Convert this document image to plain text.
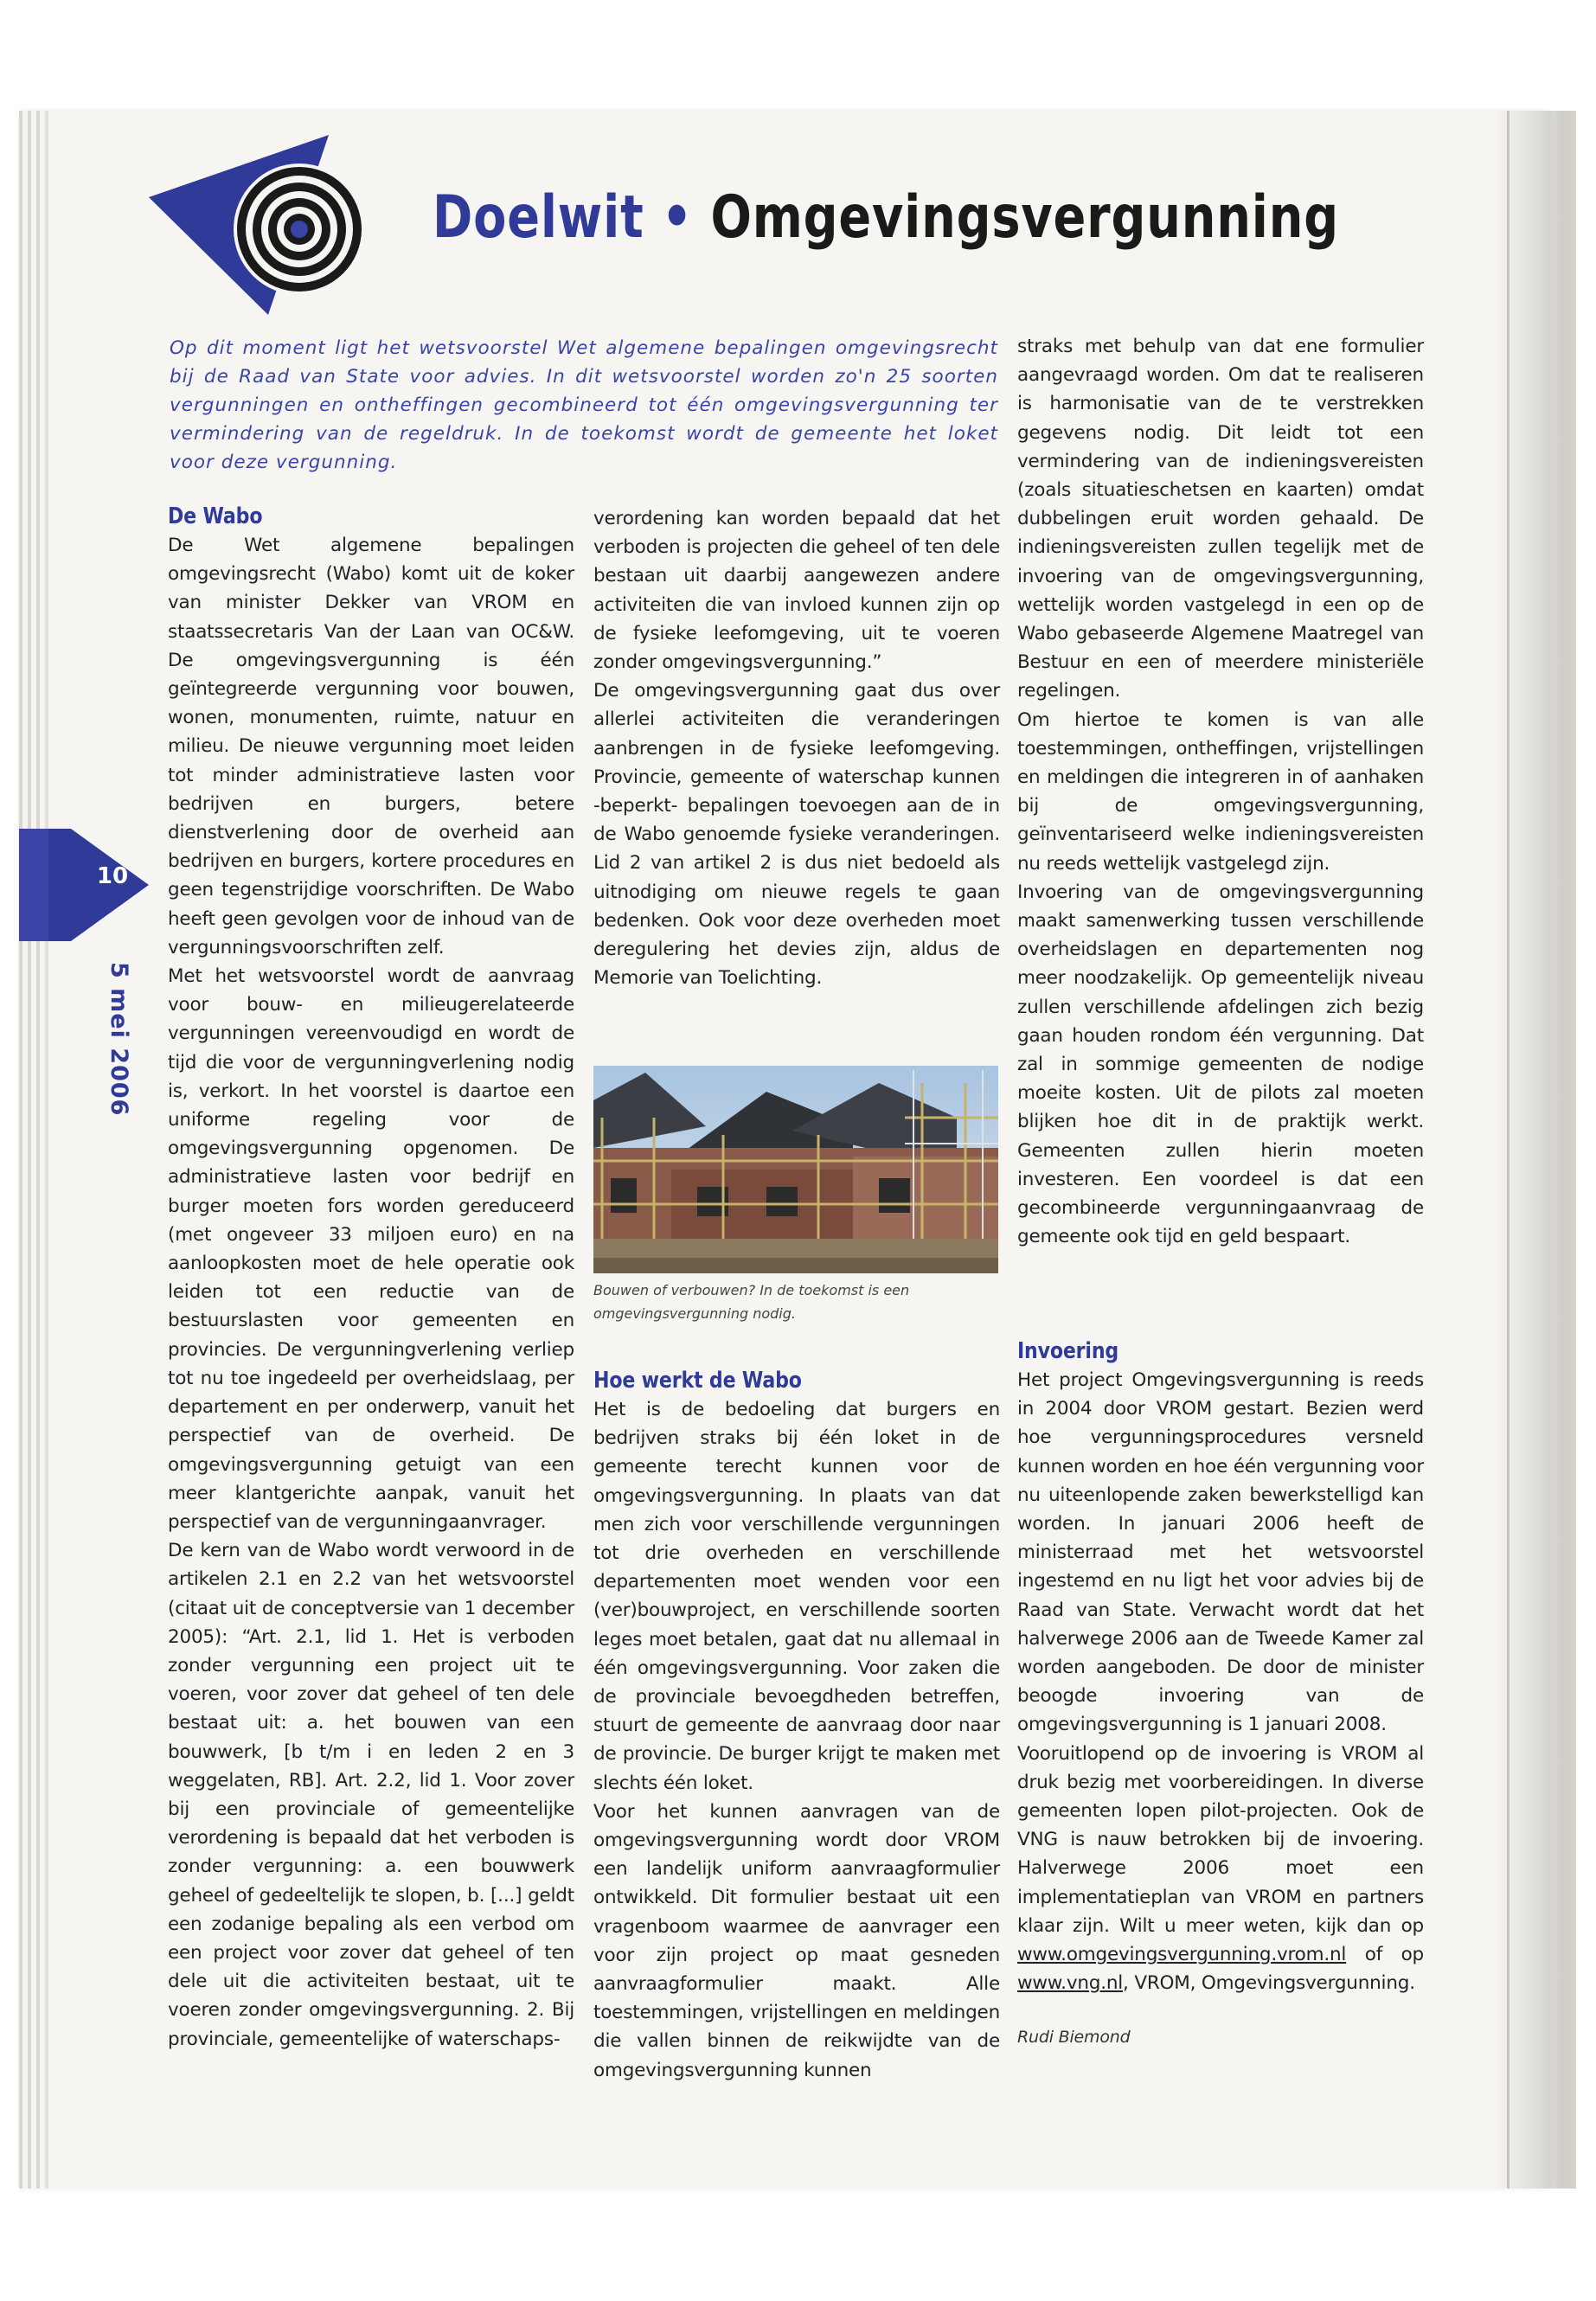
Doelwit • Omgevingsvergunning
Op dit moment ligt het wetsvoorstel Wet algemene bepalingen omgevingsrecht bij de Raad van State voor advies. In dit wetsvoorstel worden zo'n 25 soorten vergunningen en ontheffingen gecombineerd tot één omgevingsvergunning ter vermindering van de regeldruk. In de toekomst wordt de gemeente het loket voor deze vergunning.

De Wabo

De Wet algemene bepalingen omgevingsrecht (Wabo) komt uit de koker van minister Dekker van VROM en staatssecretaris Van der Laan van OC&W. De omgevingsvergunning is één geïntegreerde vergunning voor bouwen, wonen, monumenten, ruimte, natuur en milieu. De nieuwe vergunning moet leiden tot minder administratieve lasten voor bedrijven en burgers, betere dienstverlening door de overheid aan bedrijven en burgers, kortere procedures en geen tegenstrijdige voorschriften. De Wabo heeft geen gevolgen voor de inhoud van de vergunningsvoorschriften zelf.

Met het wetsvoorstel wordt de aanvraag voor bouw- en milieugerelateerde vergunningen vereenvoudigd en wordt de tijd die voor de vergunningverlening nodig is, verkort. In het voorstel is daartoe een uniforme regeling voor de omgevingsvergunning opgenomen. De administratieve lasten voor bedrijf en burger moeten fors worden gereduceerd (met ongeveer 33 miljoen euro) en na aanloopkosten moet de hele operatie ook leiden tot een reductie van de bestuurslasten voor gemeenten en provincies. De vergunningverlening verliep tot nu toe ingedeeld per overheidslaag, per departement en per onderwerp, vanuit het perspectief van de overheid. De omgevingsvergunning getuigt van een meer klantgerichte aanpak, vanuit het perspectief van de vergunningaanvrager.

De kern van de Wabo wordt verwoord in de artikelen 2.1 en 2.2 van het wetsvoorstel (citaat uit de conceptversie van 1 december 2005): “Art. 2.1, lid 1. Het is verboden zonder vergunning een project uit te voeren, voor zover dat geheel of ten dele bestaat uit: a. het bouwen van een bouwwerk, [b t/m i en leden 2 en 3 weggelaten, RB]. Art. 2.2, lid 1. Voor zover bij een provinciale of gemeentelijke verordening is bepaald dat het verboden is zonder vergunning: a. een bouwwerk geheel of gedeeltelijk te slopen, b. [...] geldt een zodanige bepaling als een verbod om een project voor zover dat geheel of ten dele uit die activiteiten bestaat, uit te voeren zonder omgevingsvergunning. 2. Bij provinciale, gemeentelijke of waterschaps-

verordening kan worden bepaald dat het verboden is projecten die geheel of ten dele bestaan uit daarbij aangewezen andere activiteiten die van invloed kunnen zijn op de fysieke leefomgeving, uit te voeren zonder omgevingsvergunning.”

De omgevingsvergunning gaat dus over allerlei activiteiten die veranderingen aanbrengen in de fysieke leefomgeving. Provincie, gemeente of waterschap kunnen -beperkt- bepalingen toevoegen aan de in de Wabo genoemde fysieke veranderingen. Lid 2 van artikel 2 is dus niet bedoeld als uitnodiging om nieuwe regels te gaan bedenken. Ook voor deze overheden moet deregulering het devies zijn, aldus de Memorie van Toelichting.

Bouwen of verbouwen? In de toekomst is een omgevingsvergunning nodig.

Hoe werkt de Wabo

Het is de bedoeling dat burgers en bedrijven straks bij één loket in de gemeente terecht kunnen voor de omgevingsvergunning. In plaats van dat men zich voor verschillende vergunningen tot drie overheden en verschillende departementen moet wenden voor een (ver)bouwproject, en verschillende soorten leges moet betalen, gaat dat nu allemaal in één omgevingsvergunning. Voor zaken die de provinciale bevoegdheden betreffen, stuurt de gemeente de aanvraag door naar de provincie. De burger krijgt te maken met slechts één loket.

Voor het kunnen aanvragen van de omgevingsvergunning wordt door VROM een landelijk uniform aanvraagformulier ontwikkeld. Dit formulier bestaat uit een vragenboom waarmee de aanvrager een voor zijn project op maat gesneden aanvraagformulier maakt. Alle toestemmingen, vrijstellingen en meldingen die vallen binnen de reikwijdte van de omgevingsvergunning kunnen

straks met behulp van dat ene formulier aangevraagd worden. Om dat te realiseren is harmonisatie van de te verstrekken gegevens nodig. Dit leidt tot een vermindering van de indieningsvereisten (zoals situatieschetsen en kaarten) omdat dubbelingen eruit worden gehaald. De indieningsvereisten zullen tegelijk met de invoering van de omgevingsvergunning, wettelijk worden vastgelegd in een op de Wabo gebaseerde Algemene Maatregel van Bestuur en een of meerdere ministeriële regelingen.

Om hiertoe te komen is van alle toestemmingen, ontheffingen, vrijstellingen en meldingen die integreren in of aanhaken bij de omgevingsvergunning, geïnventariseerd welke indieningsvereisten nu reeds wettelijk vastgelegd zijn.

Invoering van de omgevingsvergunning maakt samenwerking tussen verschillende overheidslagen en departementen nog meer noodzakelijk. Op gemeentelijk niveau zullen verschillende afdelingen zich bezig gaan houden rondom één vergunning. Dat zal in sommige gemeenten de nodige moeite kosten. Uit de pilots zal moeten blijken hoe dit in de praktijk werkt. Gemeenten zullen hierin moeten investeren. Een voordeel is dat een gecombineerde vergunningaanvraag de gemeente ook tijd en geld bespaart.

Invoering

Het project Omgevingsvergunning is reeds in 2004 door VROM gestart. Bezien werd hoe vergunningsprocedures versneld kunnen worden en hoe één vergunning voor nu uiteenlopende zaken bewerkstelligd kan worden. In januari 2006 heeft de ministerraad met het wetsvoorstel ingestemd en nu ligt het voor advies bij de Raad van State. Verwacht wordt dat het halverwege 2006 aan de Tweede Kamer zal worden aangeboden. De door de minister beoogde invoering van de omgevingsvergunning is 1 januari 2008.

Vooruitlopend op de invoering is VROM al druk bezig met voorbereidingen. In diverse gemeenten lopen pilot-projecten. Ook de VNG is nauw betrokken bij de invoering. Halverwege 2006 moet een implementatieplan van VROM en partners klaar zijn. Wilt u meer weten, kijk dan op www.omgevingsvergunning.vrom.nl of op www.vng.nl, VROM, Omgevingsvergunning.

Rudi Biemond

10
5 mei 2006
